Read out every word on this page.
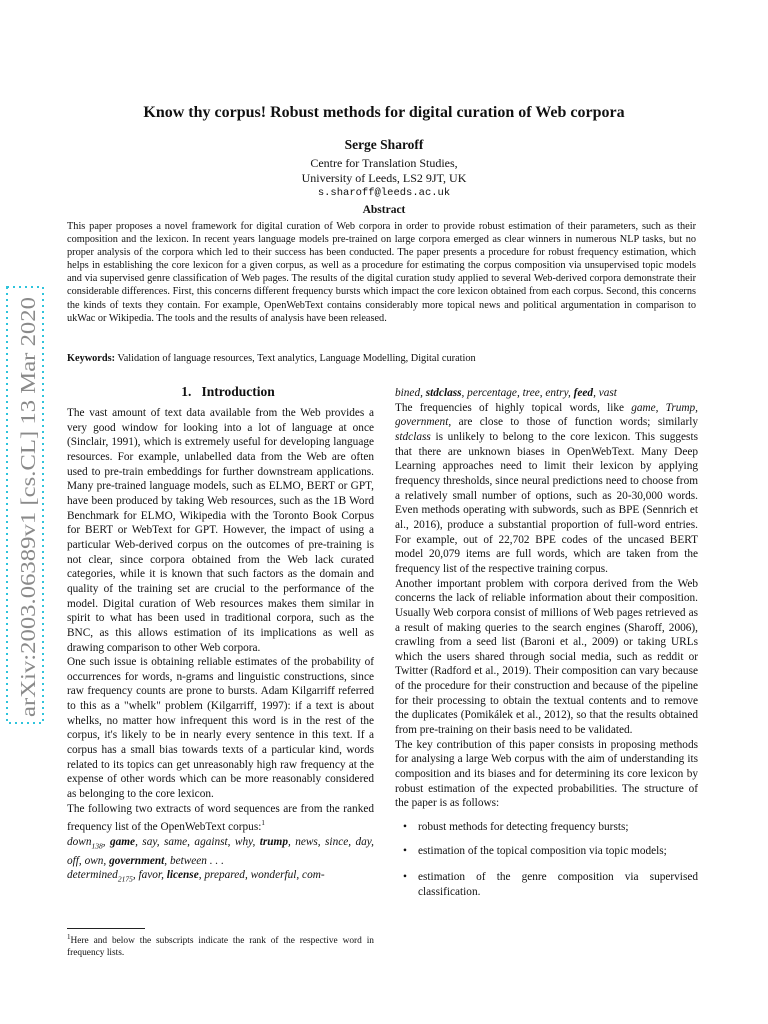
arXiv:2003.06389v1 [cs.CL] 13 Mar 2020
Know thy corpus! Robust methods for digital curation of Web corpora
Serge Sharoff
Centre for Translation Studies,
University of Leeds, LS2 9JT, UK
s.sharoff@leeds.ac.uk
Abstract
This paper proposes a novel framework for digital curation of Web corpora in order to provide robust estimation of their parameters, such as their composition and the lexicon. In recent years language models pre-trained on large corpora emerged as clear winners in numerous NLP tasks, but no proper analysis of the corpora which led to their success has been conducted. The paper presents a procedure for robust frequency estimation, which helps in establishing the core lexicon for a given corpus, as well as a procedure for estimating the corpus composition via unsupervised topic models and via supervised genre classification of Web pages. The results of the digital curation study applied to several Web-derived corpora demonstrate their considerable differences. First, this concerns different frequency bursts which impact the core lexicon obtained from each corpus. Second, this concerns the kinds of texts they contain. For example, OpenWebText contains considerably more topical news and political argumentation in comparison to ukWac or Wikipedia. The tools and the results of analysis have been released.
Keywords: Validation of language resources, Text analytics, Language Modelling, Digital curation
1. Introduction

The vast amount of text data available from the Web provides a very good window for looking into a lot of language at once (Sinclair, 1991), which is extremely useful for developing language resources. For example, unlabelled data from the Web are often used to pre-train embeddings for further downstream applications. Many pre-trained language models, such as ELMO, BERT or GPT, have been produced by taking Web resources, such as the 1B Word Benchmark for ELMO, Wikipedia with the Toronto Book Corpus for BERT or WebText for GPT. However, the impact of using a particular Web-derived corpus on the outcomes of pre-training is not clear, since corpora obtained from the Web lack curated categories, while it is known that such factors as the domain and quality of the training set are crucial to the performance of the model. Digital curation of Web resources makes them similar in spirit to what has been used in traditional corpora, such as the BNC, as this allows estimation of its implications as well as drawing comparison to other Web corpora.

One such issue is obtaining reliable estimates of the probability of occurrences for words, n-grams and linguistic constructions, since raw frequency counts are prone to bursts. Adam Kilgarriff referred to this as a "whelk" problem (Kilgarriff, 1997): if a text is about whelks, no matter how infrequent this word is in the rest of the corpus, it's likely to be in nearly every sentence in this text. If a corpus has a small bias towards texts of a particular kind, words related to its topics can get unreasonably high raw frequency at the expense of other words which can be more reasonably considered as belonging to the core lexicon.

The following two extracts of word sequences are from the ranked frequency list of the OpenWebText corpus:$^1$

down$_{138}$, game, say, same, against, why, trump, news, since, day, off, own, government, between . . .

determined$_{2175}$, favor, license, prepared, wonderful, com-

$^1$Here and below the subscripts indicate the rank of the respective word in frequency lists.

bined, stdclass, percentage, tree, entry, feed, vast

The frequencies of highly topical words, like game, Trump, government, are close to those of function words; similarly stdclass is unlikely to belong to the core lexicon. This suggests that there are unknown biases in OpenWebText. Many Deep Learning approaches need to limit their lexicon by applying frequency thresholds, since neural predictions need to choose from a relatively small number of options, such as 20-30,000 words. Even methods operating with subwords, such as BPE (Sennrich et al., 2016), produce a substantial proportion of full-word entries. For example, out of 22,702 BPE codes of the uncased BERT model 20,079 items are full words, which are taken from the frequency list of the respective training corpus.

Another important problem with corpora derived from the Web concerns the lack of reliable information about their composition. Usually Web corpora consist of millions of Web pages retrieved as a result of making queries to the search engines (Sharoff, 2006), crawling from a seed list (Baroni et al., 2009) or taking URLs which the users shared through social media, such as reddit or Twitter (Radford et al., 2019). Their composition can vary because of the procedure for their construction and because of the pipeline for their processing to obtain the textual contents and to remove the duplicates (Pomikálek et al., 2012), so that the results obtained from pre-training on their basis need to be validated.

The key contribution of this paper consists in proposing methods for analysing a large Web corpus with the aim of understanding its composition and its biases and for determining its core lexicon by robust estimation of the expected probabilities. The structure of the paper is as follows:

• robust methods for detecting frequency bursts;
• estimation of the topical composition via topic models;
• estimation of the genre composition via supervised classification.
